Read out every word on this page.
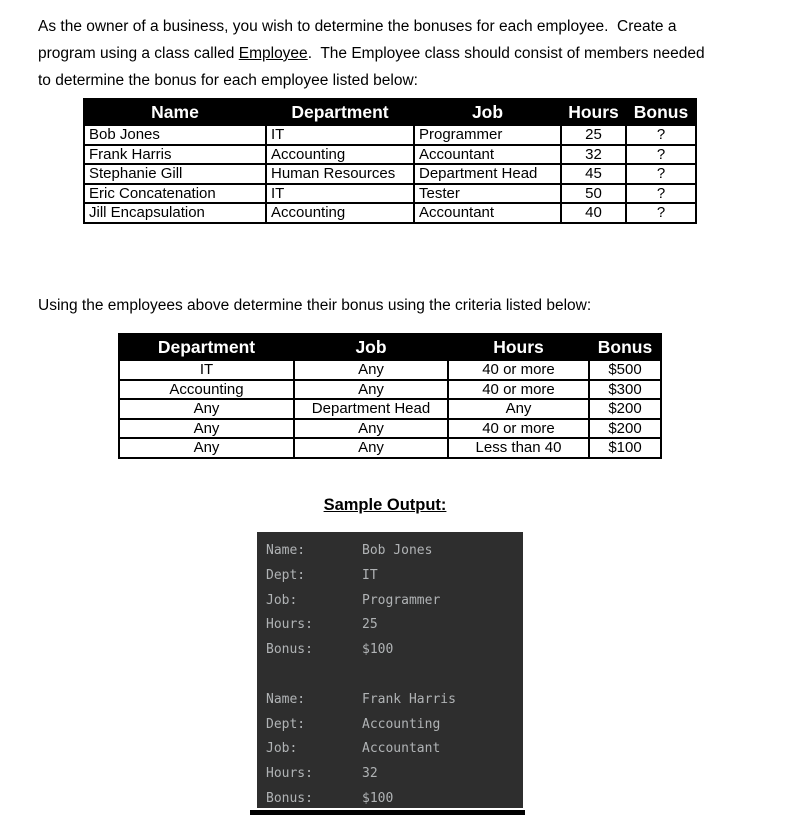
As the owner of a business, you wish to determine the bonuses for each employee.  Create a
program using a class called Employee.  The Employee class should consist of members needed
to determine the bonus for each employee listed below:
Name	Department	Job	Hours	Bonus
Bob Jones	IT	Programmer	25	?
Frank Harris	Accounting	Accountant	32	?
Stephanie Gill	Human Resources	Department Head	45	?
Eric Concatenation	IT	Tester	50	?
Jill Encapsulation	Accounting	Accountant	40	?
Using the employees above determine their bonus using the criteria listed below:
Department	Job	Hours	Bonus
IT	Any	40 or more	$500
Accounting	Any	40 or more	$300
Any	Department Head	Any	$200
Any	Any	40 or more	$200
Any	Any	Less than 40	$100
Sample Output:
Name:	Bob Jones
Dept:	IT
Job:	Programmer
Hours:	25
Bonus:	$100
Name:	Frank Harris
Dept:	Accounting
Job:	Accountant
Hours:	32
Bonus:	$100
